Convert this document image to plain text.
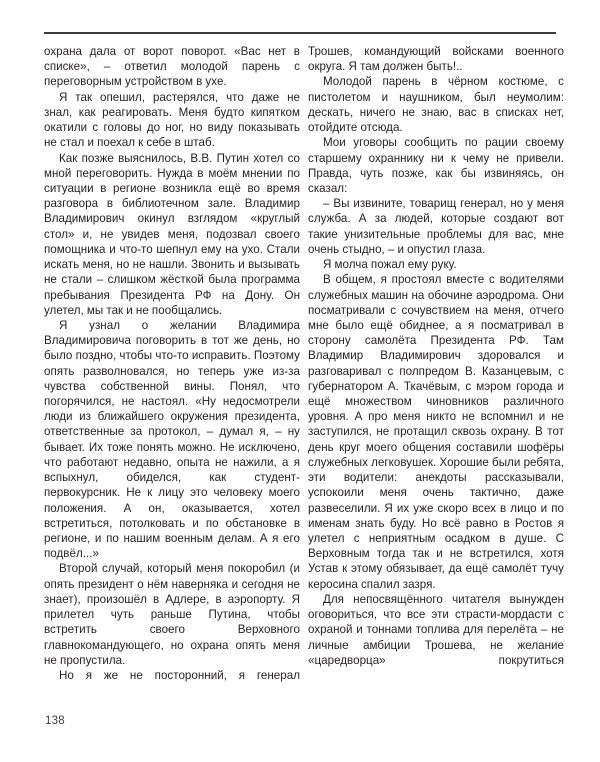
охрана дала от ворот поворот. «Вас нет в списке», – ответил молодой парень с переговорным устройством в ухе.

Я так опешил, растерялся, что даже не знал, как реагировать. Меня будто кипятком окатили с головы до ног, но виду показывать не стал и поехал к себе в штаб.

Как позже выяснилось, В.В. Путин хотел со мной переговорить. Нужда в моём мнении по ситуации в регионе возникла ещё во время разговора в библиотечном зале. Владимир Владимирович окинул взглядом «круглый стол» и, не увидев меня, подозвал своего помощника и что-то шепнул ему на ухо. Стали искать меня, но не нашли. Звонить и вызывать не стали – слишком жёсткой была программа пребывания Президента РФ на Дону. Он улетел, мы так и не пообщались.

Я узнал о желании Владимира Владимировича поговорить в тот же день, но было поздно, чтобы что-то исправить. Поэтому опять разволновался, но теперь уже из-за чувства собственной вины. Понял, что погорячился, не настоял. «Ну недосмотрели люди из ближайшего окружения президента, ответственные за протокол, – думал я, – ну бывает. Их тоже понять можно. Не исключено, что работают недавно, опыта не нажили, а я вспыхнул, обиделся, как студент-первокурсник. Не к лицу это человеку моего положения. А он, оказывается, хотел встретиться, потолковать и по обстановке в регионе, и по нашим военным делам. А я его подвёл...»

Второй случай, который меня покоробил (и опять президент о нём наверняка и сегодня не знает), произошёл в Адлере, в аэропорту. Я прилетел чуть раньше Путина, чтобы встретить своего Верховного главнокомандующего, но охрана опять меня не пропустила.

Но я же не посторонний, я генерал

Трошев, командующий войсками военного округа. Я там должен быть!..

Молодой парень в чёрном костюме, с пистолетом и наушником, был неумолим: дескать, ничего не знаю, вас в списках нет, отойдите отсюда.

Мои уговоры сообщить по рации своему старшему охраннику ни к чему не привели. Правда, чуть позже, как бы извиняясь, он сказал:

– Вы извините, товарищ генерал, но у меня служба. А за людей, которые создают вот такие унизительные проблемы для вас, мне очень стыдно, – и опустил глаза.

Я молча пожал ему руку.

В общем, я простоял вместе с водителями служебных машин на обочине аэродрома. Они посматривали с сочувствием на меня, отчего мне было ещё обиднее, а я посматривал в сторону самолёта Президента РФ. Там Владимир Владимирович здоровался и разговаривал с полпредом В. Казанцевым, с губернатором А. Ткачёвым, с мэром города и ещё множеством чиновников различного уровня. А про меня никто не вспомнил и не заступился, не протащил сквозь охрану. В тот день круг моего общения составили шофёры служебных легковушек. Хорошие были ребята, эти водители: анекдоты рассказывали, успокоили меня очень тактично, даже развеселили. Я их уже скоро всех в лицо и по именам знать буду. Но всё равно в Ростов я улетел с неприятным осадком в душе. С Верховным тогда так и не встретился, хотя Устав к этому обязывает, да ещё самолёт тучу керосина спалил зазря.

Для непосвящённого читателя вынужден оговориться, что все эти страсти-мордасти с охраной и тоннами топлива для перелёта – не личные амбиции Трошева, не желание «царедворца» покрутиться

138
